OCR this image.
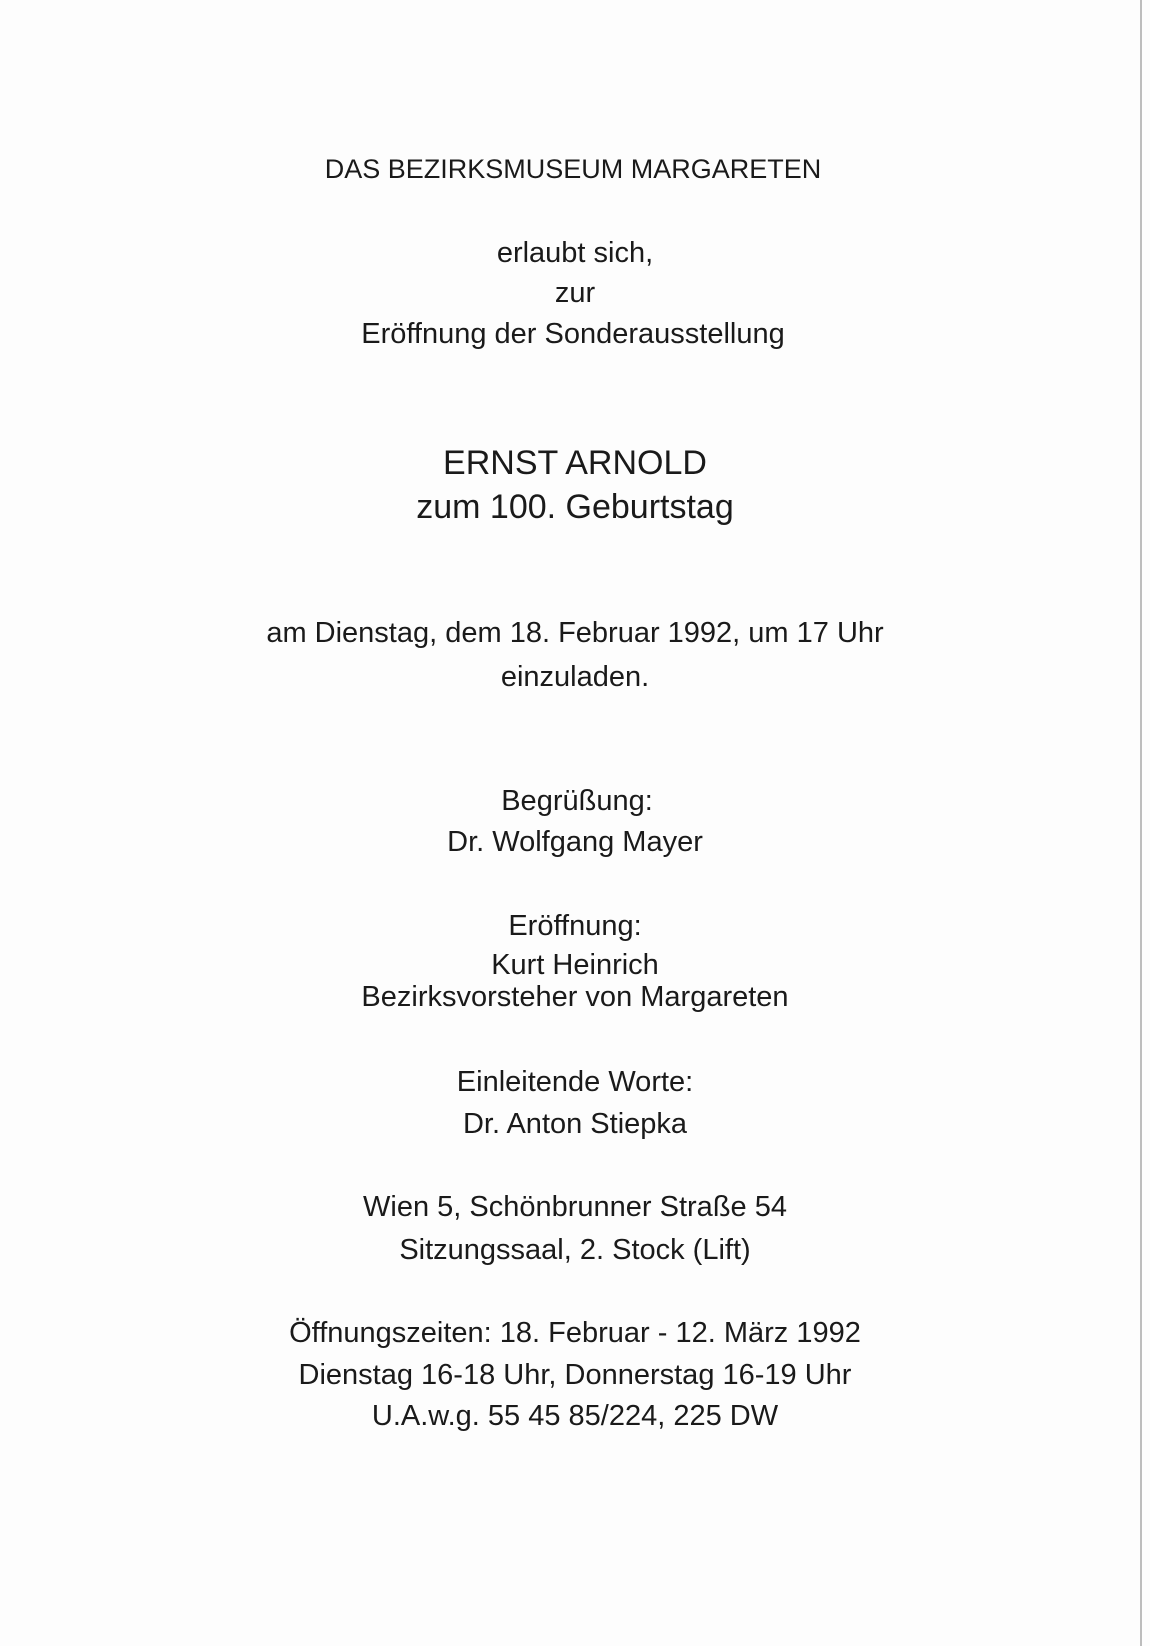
DAS BEZIRKSMUSEUM MARGARETEN
erlaubt sich,
zur
Eröffnung der Sonderausstellung
ERNST ARNOLD
zum 100. Geburtstag
am Dienstag, dem 18. Februar 1992, um 17 Uhr
einzuladen.
Begrüßung:
Dr. Wolfgang Mayer
Eröffnung:
Kurt Heinrich
Bezirksvorsteher von Margareten
Einleitende Worte:
Dr. Anton Stiepka
Wien 5, Schönbrunner Straße 54
Sitzungssaal, 2. Stock (Lift)
Öffnungszeiten: 18. Februar - 12. März 1992
Dienstag 16-18 Uhr, Donnerstag 16-19 Uhr
U.A.w.g. 55 45 85/224, 225 DW
